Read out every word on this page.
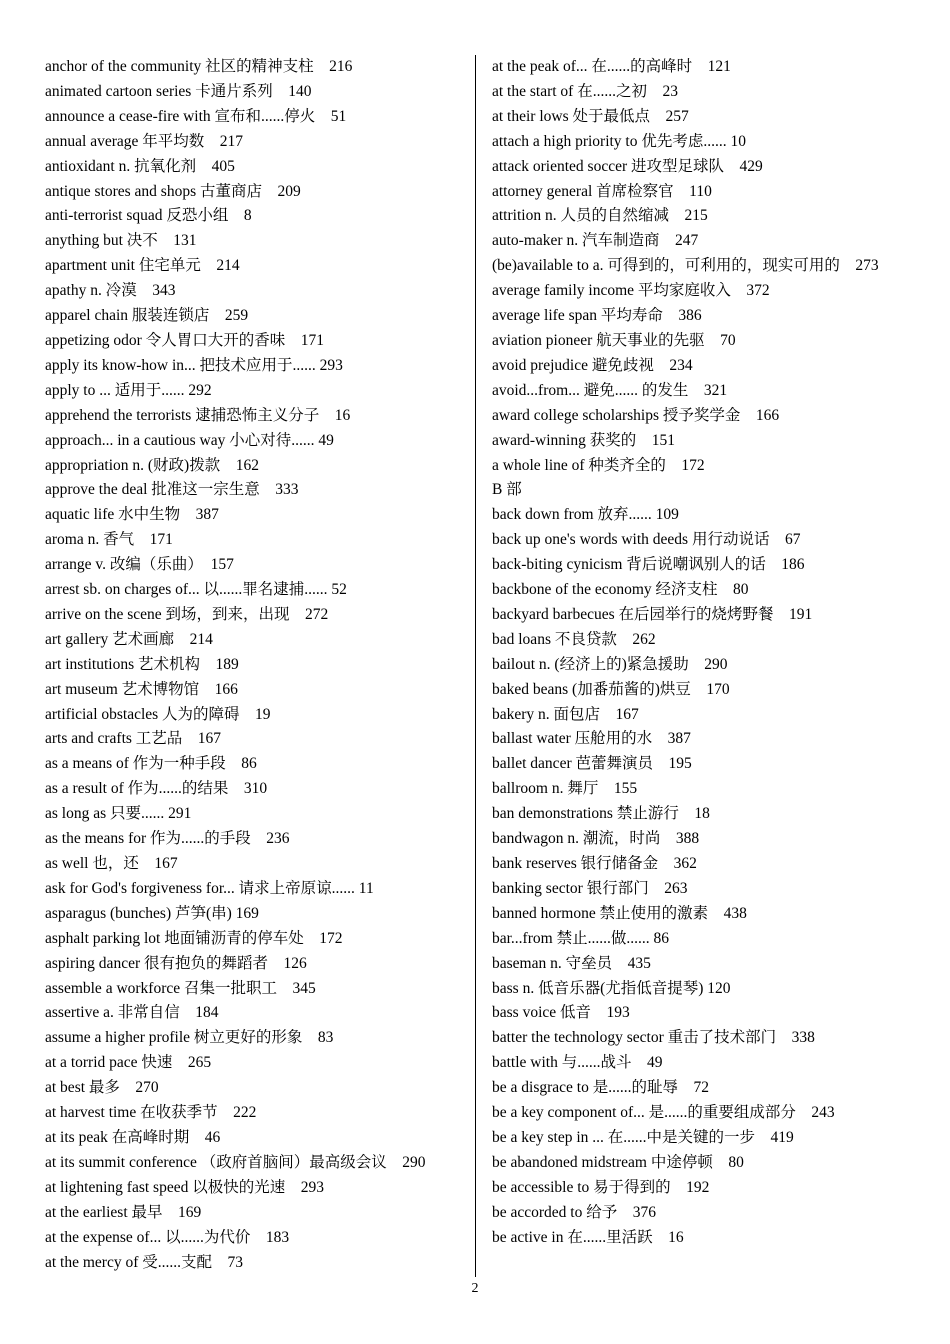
anchor of the community 社区的精神支柱　216
animated cartoon series 卡通片系列　140
announce a cease-fire with 宣布和......停火　51
annual average 年平均数　217
antioxidant n. 抗氧化剂　405
antique stores and shops 古董商店　209
anti-terrorist squad 反恐小组　8
anything but 决不　131
apartment unit 住宅单元　214
apathy n. 冷漠　343
apparel chain 服装连锁店　259
appetizing odor 令人胃口大开的香味　171
apply its know-how in... 把技术应用于...... 293
apply to ... 适用于...... 292
apprehend the terrorists 逮捕恐怖主义分子　16
approach... in a cautious way 小心对待...... 49
appropriation n. (财政)拨款　162
approve the deal 批准这一宗生意　333
aquatic life 水中生物　387
aroma n. 香气　171
arrange v. 改编（乐曲）　157
arrest sb. on charges of... 以......罪名逮捕...... 52
arrive on the scene 到场，到来，出现　272
art gallery 艺术画廊　214
art institutions 艺术机构　189
art museum 艺术博物馆　166
artificial obstacles 人为的障碍　19
arts and crafts 工艺品　167
as a means of 作为一种手段　86
as a result of 作为......的结果　310
as long as 只要...... 291
as the means for 作为......的手段　236
as well 也，还　167
ask for God's forgiveness for... 请求上帝原谅...... 11
asparagus (bunches) 芦笋(串) 169
asphalt parking lot 地面铺沥青的停车处　172
aspiring dancer 很有抱负的舞蹈者　126
assemble a workforce 召集一批职工　345
assertive a. 非常自信　184
assume a higher profile 树立更好的形象　83
at a torrid pace 快速　265
at best 最多　270
at harvest time 在收获季节　222
at its peak 在高峰时期　46
at its summit conference （政府首脑间）最高级会议　290
at lightening fast speed 以极快的光速　293
at the earliest 最早　169
at the expense of... 以......为代价　183
at the mercy of 受......支配　73
at the peak of... 在......的高峰时　121
at the start of 在......之初　23
at their lows 处于最低点　257
attach a high priority to 优先考虑...... 10
attack oriented soccer 进攻型足球队　429
attorney general 首席检察官　110
attrition n. 人员的自然缩减　215
auto-maker n. 汽车制造商　247
(be)available to a. 可得到的，可利用的，现实可用的　273
average family income 平均家庭收入　372
average life span 平均寿命　386
aviation pioneer 航天事业的先驱　70
avoid prejudice 避免歧视　234
avoid...from... 避免...... 的发生　321
award college scholarships 授予奖学金　166
award-winning 获奖的　151
a whole line of 种类齐全的　172
B 部
back down from 放弃...... 109
back up one's words with deeds 用行动说话　67
back-biting cynicism 背后说嘲讽别人的话　186
backbone of the economy 经济支柱　80
backyard barbecues 在后园举行的烧烤野餐　191
bad loans 不良贷款　262
bailout n. (经济上的)紧急援助　290
baked beans (加番茄酱的)烘豆　170
bakery n. 面包店　167
ballast water 压舱用的水　387
ballet dancer 芭蕾舞演员　195
ballroom n. 舞厅　155
ban demonstrations 禁止游行　18
bandwagon n. 潮流，时尚　388
bank reserves 银行储备金　362
banking sector 银行部门　263
banned hormone 禁止使用的激素　438
bar...from 禁止......做...... 86
baseman n. 守垒员　435
bass n. 低音乐器(尤指低音提琴) 120
bass voice 低音　193
batter the technology sector 重击了技术部门　338
battle with 与......战斗　49
be a disgrace to 是......的耻辱　72
be a key component of... 是......的重要组成部分　243
be a key step in ... 在......中是关键的一步　419
be abandoned midstream 中途停顿　80
be accessible to 易于得到的　192
be accorded to 给予　376
be active in 在......里活跃　16
2
